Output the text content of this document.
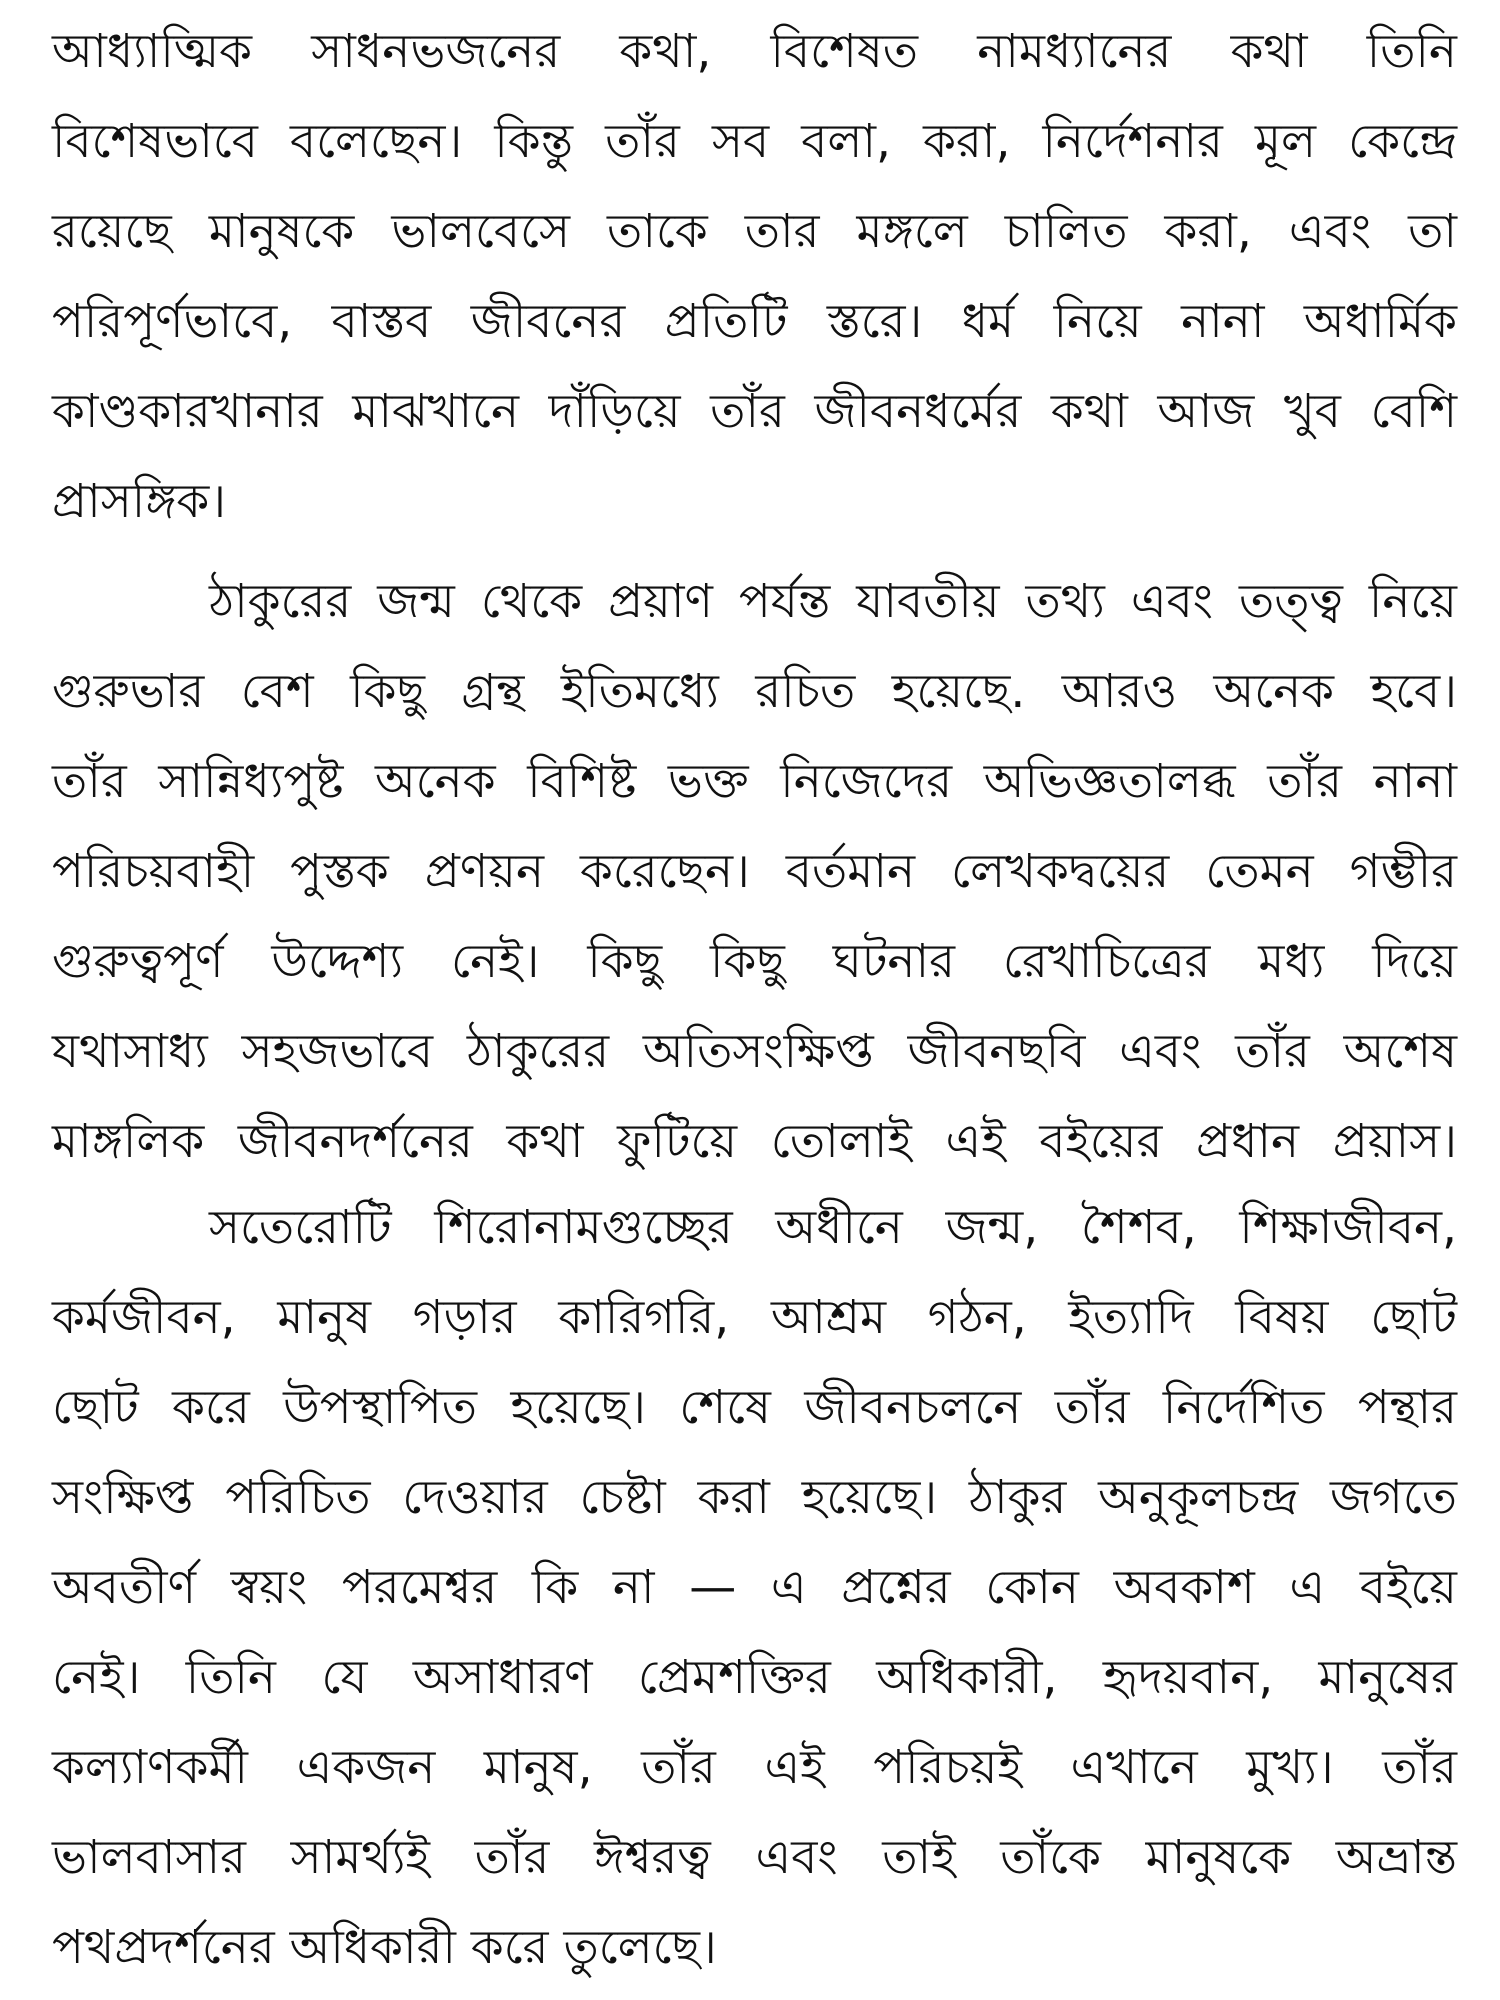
আধ্যাত্মিক সাধনভজনের কথা, বিশেষত নামধ্যানের কথা তিনি
বিশেষভাবে বলেছেন। কিন্তু তাঁর সব বলা, করা, নির্দেশনার মূল কেন্দ্রে
রয়েছে মানুষকে ভালবেসে তাকে তার মঙ্গলে চালিত করা, এবং তা
পরিপূর্ণভাবে, বাস্তব জীবনের প্রতিটি স্তরে। ধর্ম নিয়ে নানা অধার্মিক
কাণ্ডকারখানার মাঝখানে দাঁড়িয়ে তাঁর জীবনধর্মের কথা আজ খুব বেশি
প্রাসঙ্গিক।
ঠাকুরের জন্ম থেকে প্রয়াণ পর্যন্ত যাবতীয় তথ্য এবং তত্ত্ব নিয়ে
গুরুভার বেশ কিছু গ্রন্থ ইতিমধ্যে রচিত হয়েছে. আরও অনেক হবে।
তাঁর সান্নিধ্যপুষ্ট অনেক বিশিষ্ট ভক্ত নিজেদের অভিজ্ঞতালব্ধ তাঁর নানা
পরিচয়বাহী পুস্তক প্রণয়ন করেছেন। বর্তমান লেখকদ্বয়ের তেমন গম্ভীর
গুরুত্বপূর্ণ উদ্দেশ্য নেই। কিছু কিছু ঘটনার রেখাচিত্রের মধ্য দিয়ে
যথাসাধ্য সহজভাবে ঠাকুরের অতিসংক্ষিপ্ত জীবনছবি এবং তাঁর অশেষ
মাঙ্গলিক জীবনদর্শনের কথা ফুটিয়ে তোলাই এই বইয়ের প্রধান প্রয়াস।
সতেরোটি শিরোনামগুচ্ছের অধীনে জন্ম, শৈশব, শিক্ষাজীবন,
কর্মজীবন, মানুষ গড়ার কারিগরি, আশ্রম গঠন, ইত্যাদি বিষয় ছোট
ছোট করে উপস্থাপিত হয়েছে। শেষে জীবনচলনে তাঁর নির্দেশিত পন্থার
সংক্ষিপ্ত পরিচিত দেওয়ার চেষ্টা করা হয়েছে। ঠাকুর অনুকূলচন্দ্র জগতে
অবতীর্ণ স্বয়ং পরমেশ্বর কি না — এ প্রশ্নের কোন অবকাশ এ বইয়ে
নেই। তিনি যে অসাধারণ প্রেমশক্তির অধিকারী, হৃদয়বান, মানুষের
কল্যাণকর্মী একজন মানুষ, তাঁর এই পরিচয়ই এখানে মুখ্য। তাঁর
ভালবাসার সামর্থ্যই তাঁর ঈশ্বরত্ব এবং তাই তাঁকে মানুষকে অভ্রান্ত
পথপ্রদর্শনের অধিকারী করে তুলেছে।
